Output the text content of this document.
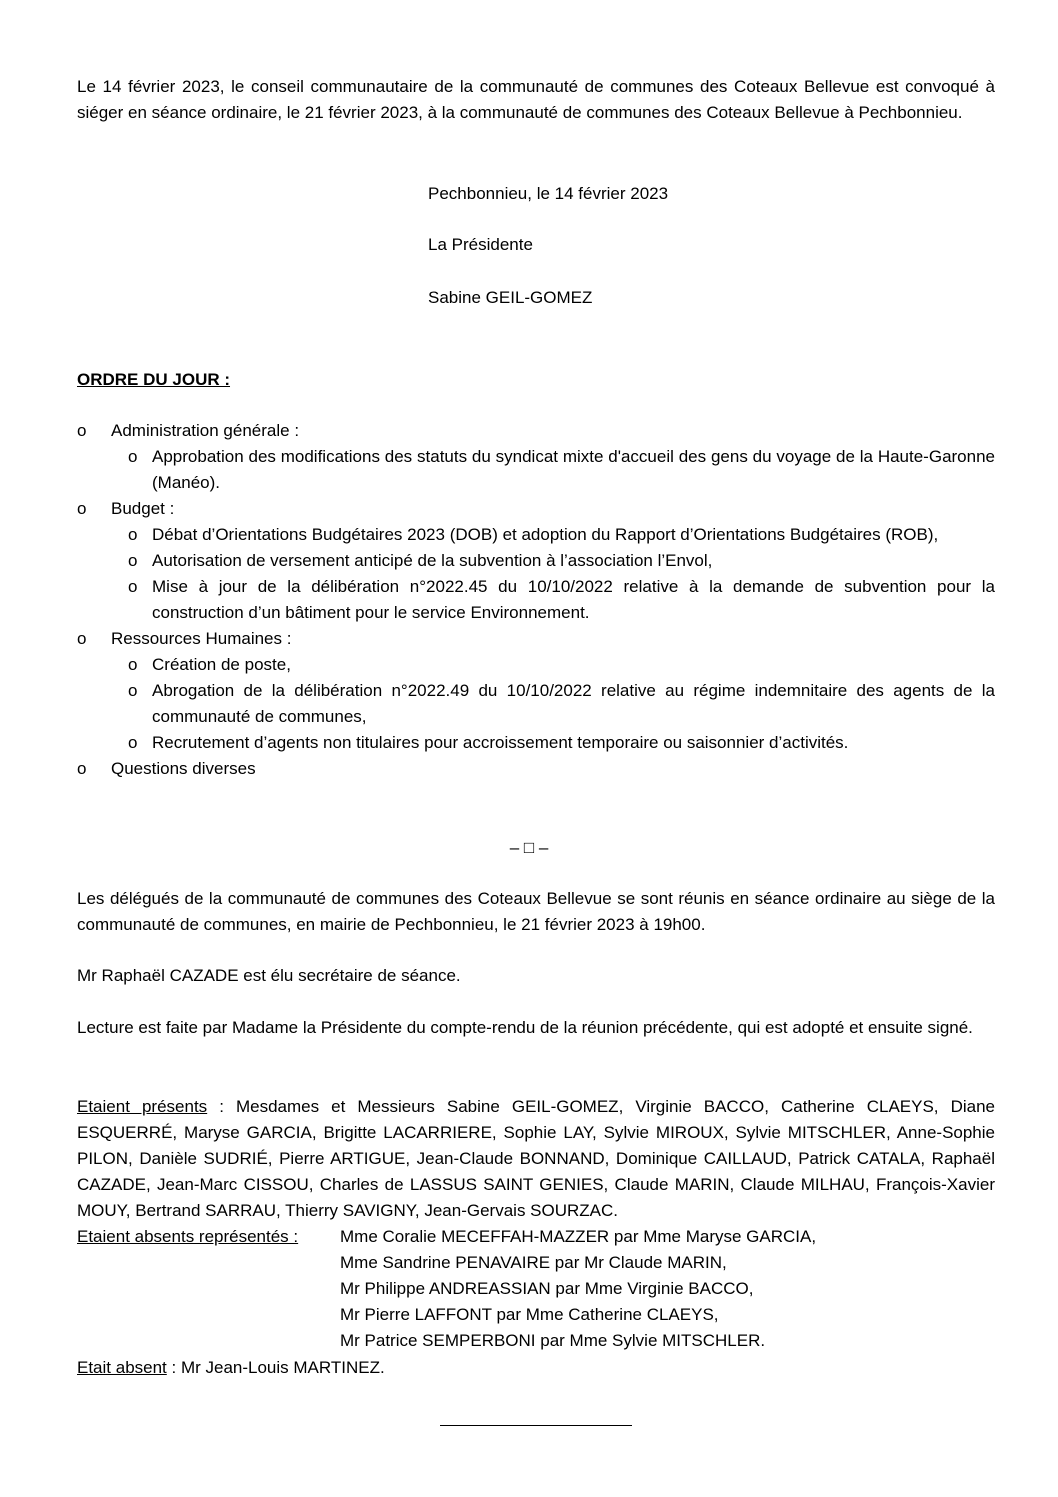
Le 14 février 2023, le conseil communautaire de la communauté de communes des Coteaux Bellevue est convoqué à siéger en séance ordinaire, le 21 février 2023, à la communauté de communes des Coteaux Bellevue à Pechbonnieu.
Pechbonnieu, le 14 février 2023
La Présidente
Sabine GEIL-GOMEZ
ORDRE DU JOUR :
o Administration générale :
o Approbation des modifications des statuts du syndicat mixte d'accueil des gens du voyage de la Haute-Garonne (Manéo).
o Budget :
o Débat d’Orientations Budgétaires 2023 (DOB) et adoption du Rapport d’Orientations Budgétaires (ROB),
o Autorisation de versement anticipé de la subvention à l’association l’Envol,
o Mise à jour de la délibération n°2022.45 du 10/10/2022 relative à la demande de subvention pour la construction d’un bâtiment pour le service Environnement.
o Ressources Humaines :
o Création de poste,
o Abrogation de la délibération n°2022.49 du 10/10/2022 relative au régime indemnitaire des agents de la communauté de communes,
o Recrutement d’agents non titulaires pour accroissement temporaire ou saisonnier d’activités.
o Questions diverses
– □ –
Les délégués de la communauté de communes des Coteaux Bellevue se sont réunis en séance ordinaire au siège de la communauté de communes, en mairie de Pechbonnieu, le 21 février 2023 à 19h00.
Mr Raphaël CAZADE est élu secrétaire de séance.
Lecture est faite par Madame la Présidente du compte-rendu de la réunion précédente, qui est adopté et ensuite signé.
Etaient présents : Mesdames et Messieurs Sabine GEIL-GOMEZ, Virginie BACCO, Catherine CLAEYS, Diane ESQUERRÉ, Maryse GARCIA, Brigitte LACARRIERE, Sophie LAY, Sylvie MIROUX, Sylvie MITSCHLER, Anne-Sophie PILON, Danièle SUDRIÉ, Pierre ARTIGUE, Jean-Claude BONNAND, Dominique CAILLAUD, Patrick CATALA, Raphaël CAZADE, Jean-Marc CISSOU, Charles de LASSUS SAINT GENIES, Claude MARIN, Claude MILHAU, François-Xavier MOUY, Bertrand SARRAU, Thierry SAVIGNY, Jean-Gervais SOURZAC.
Etaient absents représentés :	Mme Coralie MECEFFAH-MAZZER par Mme Maryse GARCIA,
Mme Sandrine PENAVAIRE par Mr Claude MARIN,
Mr Philippe ANDREASSIAN par Mme Virginie BACCO,
Mr Pierre LAFFONT par Mme Catherine CLAEYS,
Mr Patrice SEMPERBONI par Mme Sylvie MITSCHLER.
Etait absent : Mr Jean-Louis MARTINEZ.
